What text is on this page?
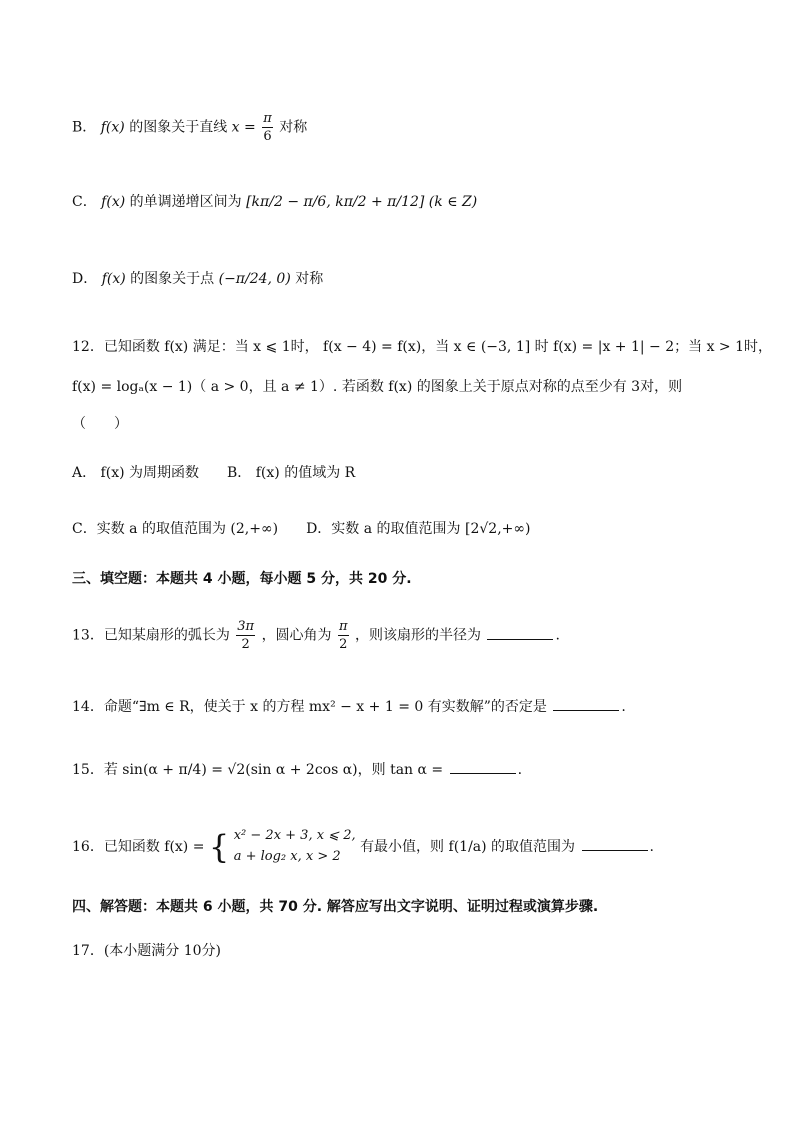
B． f(x) 的图象关于直线 $x = \frac{\pi}{6}$ 对称
C． f(x) 的单调递增区间为 [kπ/2 − π/6, kπ/2 + π/12] (k ∈ Z)
D． f(x) 的图象关于点 (−π/24, 0) 对称
12．已知函数 f(x) 满足：当 x ⩽ 1时， f(x − 4) = f(x)，当 x ∈ (−3, 1] 时 f(x) = |x + 1| − 2；当 x > 1时，
f(x) = logₐ(x − 1)（ a > 0，且 a ≠ 1）. 若函数 f(x) 的图象上关于原点对称的点至少有 3对，则
（　　）
A． f(x) 为周期函数　　B． f(x) 的值域为 R
C．实数 a 的取值范围为 (2,+∞)　　D．实数 a 的取值范围为 [2√2,+∞)
三、填空题：本题共 4 小题，每小题 5 分，共 20 分.
13．已知某扇形的弧长为 $\frac{3\pi}{2}$ ，圆心角为 $\frac{\pi}{2}$ ，则该扇形的半径为	.
14．命题“∃m ∈ R，使关于 x 的方程 mx² − x + 1 = 0 有实数解”的否定是	.
15．若 sin(α + π/4) = √2(sin α + 2cos α)，则 tan α =	.
16．已知函数 f(x) = { x² − 2x + 3, x ⩽ 2,
a + log₂ x, x > 2
有最小值，则 f(1/a) 的取值范围为	.
四、解答题：本题共 6 小题，共 70 分. 解答应写出文字说明、证明过程或演算步骤.
17．(本小题满分 10分)
